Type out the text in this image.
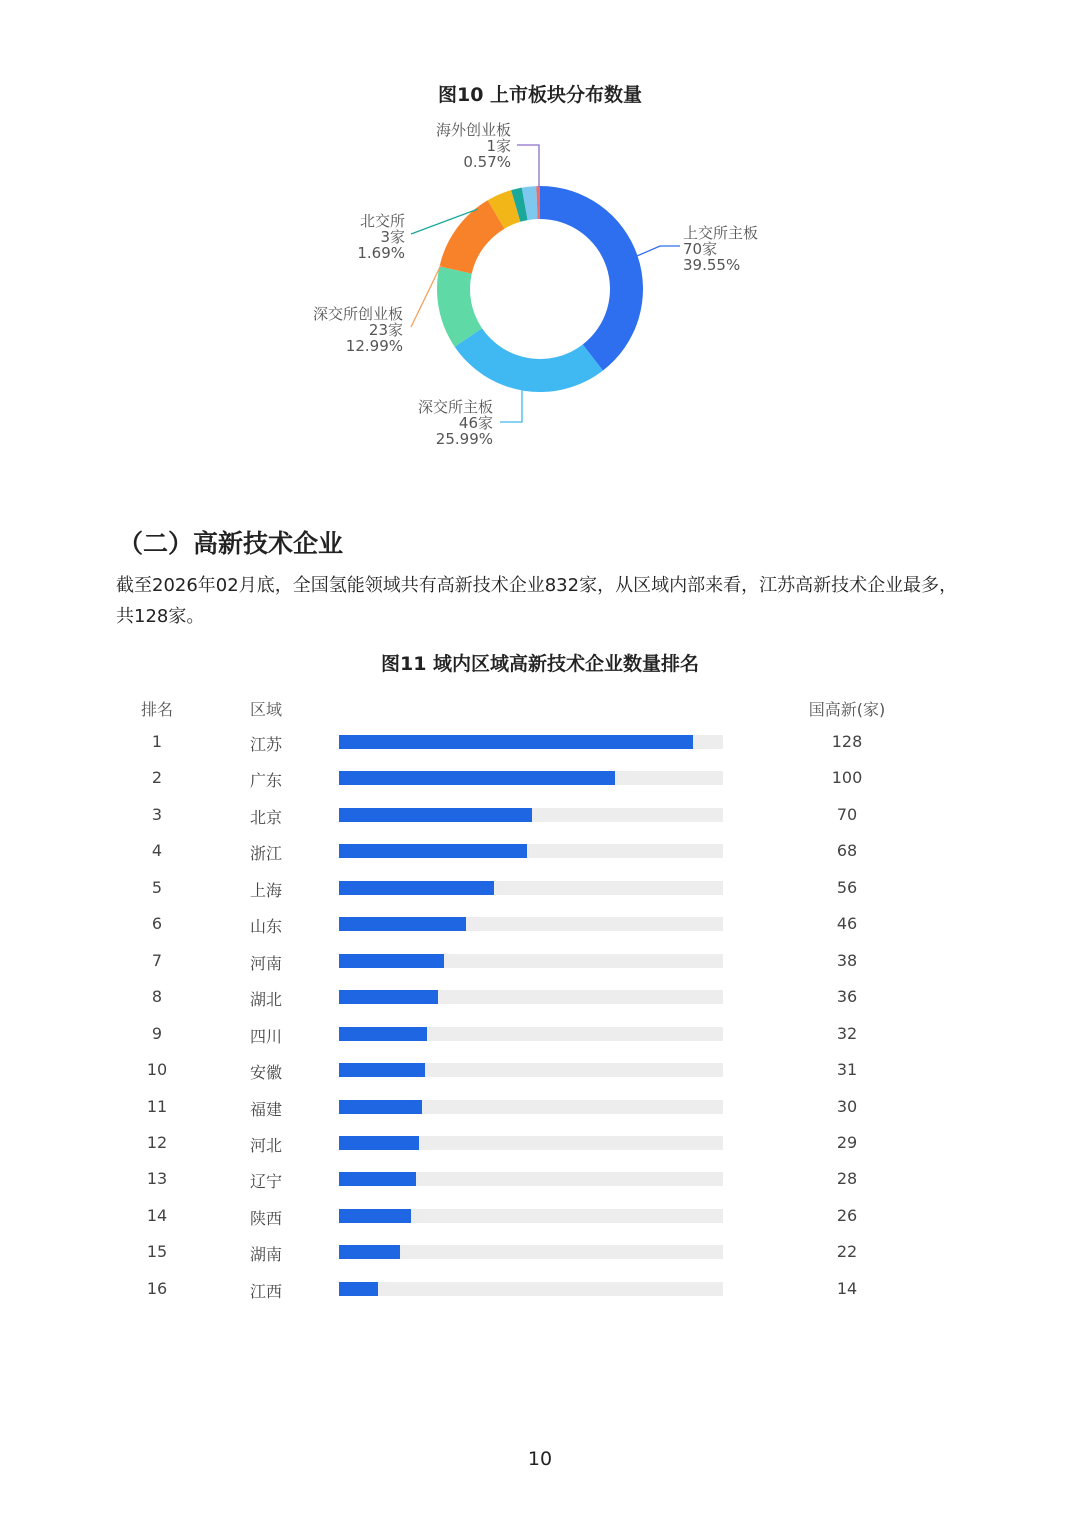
图10 上市板块分布数量
上交所主板
70家
39.55%
深交所主板
46家
25.99%
深交所创业板
23家
12.99%
北交所
3家
1.69%
海外创业板
1家
0.57%
（二）高新技术企业
截至2026年02月底，全国氢能领域共有高新技术企业832家，从区域内部来看，江苏高新技术企业最多，共128家。
图11 域内区域高新技术企业数量排名
排名	区域	国高新(家)
1	江苏	128
2	广东	100
3	北京	70
4	浙江	68
5	上海	56
6	山东	46
7	河南	38
8	湖北	36
9	四川	32
10	安徽	31
11	福建	30
12	河北	29
13	辽宁	28
14	陕西	26
15	湖南	22
16	江西	14
10
